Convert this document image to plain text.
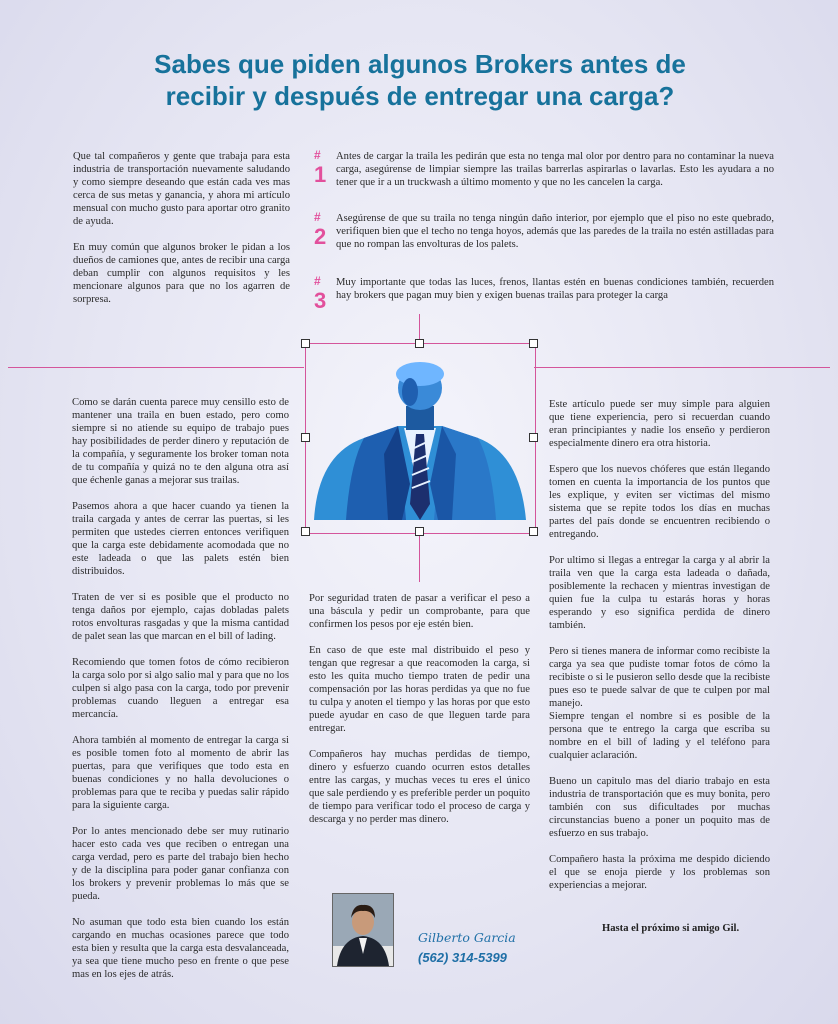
Sabes que piden algunos Brokers antes de
recibir y después de entregar una carga?

Que tal compañeros y gente que trabaja para esta industria de transportación nuevamente saludando y como siempre deseando que están cada ves mas cerca de sus metas y ganancia, y ahora mi artículo mensual con mucho gusto para aportar otro granito de ayuda.

En muy común que algunos broker le pidan a los dueños de camiones que, antes de recibir una carga deban cumplir con algunos requisitos y les mencionare algunos para que no los agarren de sorpresa.

#
1
Antes de cargar la traila les pedirán que esta no tenga mal olor por dentro para no contaminar la nueva carga, asegúrense de limpiar siempre las trailas barrerlas aspirarlas o lavarlas. Esto les ayudara a no tener que ir a un truckwash a último momento y que no les cancelen la carga.
#
2
Asegúrense de que su traila no tenga ningún daño interior, por ejemplo que el piso no este quebrado, verifiquen bien que el techo no tenga hoyos, además que las paredes de la traila no estén astilladas para que no rompan las envolturas de los palets.
#
3
Muy importante que todas las luces, frenos, llantas estén en buenas condiciones también, recuerden hay brokers que pagan muy bien y exigen buenas trailas para proteger la carga

Como se darán cuenta parece muy censillo esto de mantener una traila en buen estado, pero como siempre si no atiende su equipo de trabajo pues hay posibilidades de perder dinero y reputación de la compañía, y seguramente los broker toman nota de tu compañía y quizá no te den alguna otra así que échenle ganas a mejorar sus trailas.

Pasemos ahora a que hacer cuando ya tienen la traila cargada y antes de cerrar las puertas, si les permiten que ustedes cierren entonces verifiquen que la carga este debidamente acomodada que no este ladeada o que las palets estén bien distribuidos.

Traten de ver si es posible que el producto no tenga daños por ejemplo, cajas dobladas palets rotos envolturas rasgadas y que la misma cantidad de palet sean las que marcan en el bill of lading.

Recomiendo que tomen fotos de cómo recibieron la carga solo por si algo salio mal y para que no los culpen si algo pasa con la carga, todo por prevenir problemas cuando lleguen a entregar esa mercancía.

Ahora también al momento de entregar la carga si es posible tomen foto al momento de abrir las puertas, para que verifiques que todo esta en buenas condiciones y no halla devoluciones o problemas para que te reciba y puedas salir rápido para la siguiente carga.

Por lo antes mencionado debe ser muy rutinario hacer esto cada ves que reciben o entregan una carga verdad, pero es parte del trabajo bien hecho y de la disciplina para poder ganar confianza con los brokers y prevenir problemas lo más que se pueda.

No asuman que todo esta bien cuando los están cargando en muchas ocasiones parece que todo esta bien y resulta que la carga esta desvalanceada, ya sea que tiene mucho peso en frente o que pese mas en los ejes de atrás.

Por seguridad traten de pasar a verificar el peso a una báscula y pedir un comprobante, para que confirmen los pesos por eje estén bien.

En caso de que este mal distribuido el peso y tengan que regresar a que reacomoden la carga, si esto les quita mucho tiempo traten de pedir una compensación por las horas perdidas ya que no fue tu culpa y anoten el tiempo y las horas por que esto puede ayudar en caso de que lleguen tarde para entregar.

Compañeros hay muchas perdidas de tiempo, dinero y esfuerzo cuando ocurren estos detalles entre las cargas, y muchas veces tu eres el único que sale perdiendo y es preferible perder un poquito de tiempo para verificar todo el proceso de carga y descarga y no perder mas dinero.

Este artículo puede ser muy simple para alguien que tiene experiencia, pero si recuerdan cuando eran principiantes y nadie los enseño y perdieron especialmente dinero era otra historia.

Espero que los nuevos chóferes que están llegando tomen en cuenta la importancia de los puntos que les explique, y eviten ser victimas del mismo sistema que se repite todos los días en muchas partes del país donde se encuentren recibiendo o entregando.

Por ultimo si llegas a entregar la carga y al abrir la traila ven que la carga esta ladeada o dañada, posiblemente la rechacen y mientras investigan de quien fue la culpa tu estarás horas y horas esperando y eso significa perdida de dinero también.

Pero si tienes manera de informar como recibiste la carga ya sea que pudiste tomar fotos de cómo la recibiste o si le pusieron sello desde que la recibiste pues eso te puede salvar de que te culpen por mal manejo.
Siempre tengan el nombre si es posible de la persona que te entrego la carga que escriba su nombre en el bill of lading y el teléfono para cualquier aclaración.

Bueno un capitulo mas del diario trabajo en esta industria de transportación que es muy bonita, pero también con sus dificultades por muchas circunstancias bueno a poner un poquito mas de esfuerzo en sus trabajo.

Compañero hasta la próxima me despido diciendo el que se enoja pierde y los problemas son experiencias a mejorar.

Gilberto Garcia
(562) 314-5399
Hasta el próximo si amigo Gil.
